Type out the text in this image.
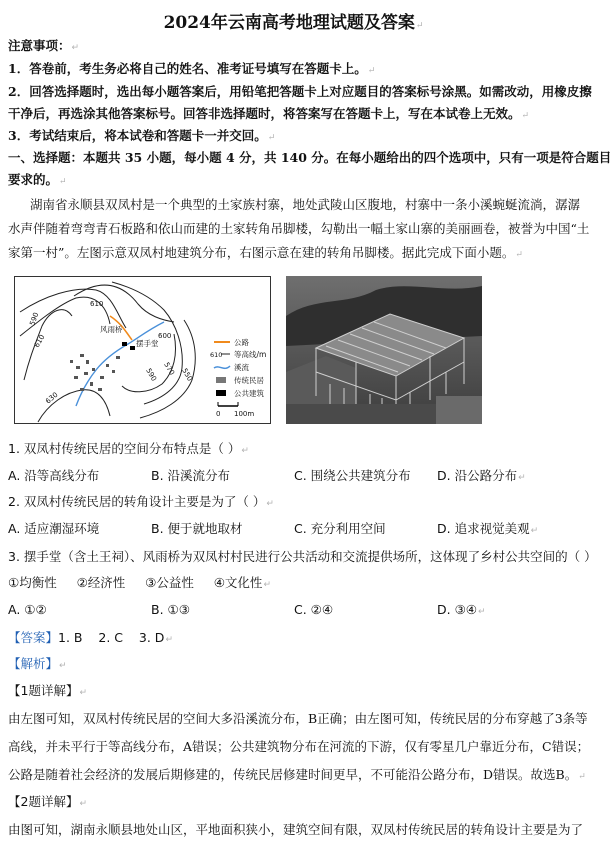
2024年云南高考地理试题及答案↵
注意事项：↵
1．答卷前，考生务必将自己的姓名、准考证号填写在答题卡上。↵
2．回答选择题时，选出每小题答案后，用铅笔把答题卡上对应题目的答案标号涂黑。如需改动，用橡皮擦
干净后，再选涂其他答案标号。回答非选择题时，将答案写在答题卡上，写在本试卷上无效。↵
3．考试结束后，将本试卷和答题卡一并交回。↵
一、选择题：本题共 35 小题，每小题 4 分，共 140 分。在每小题给出的四个选项中，只有一项是符合题目
要求的。↵
湖南省永顺县双凤村是一个典型的土家族村寨，地处武陵山区腹地，村寨中一条小溪蜿蜒流淌，潺潺
水声伴随着弯弯青石板路和依山而建的土家转角吊脚楼，勾勒出一幅土家山寨的美丽画卷，被誉为中国“土
家第一村”。左图示意双凤村地建筑分布，右图示意在建的转角吊脚楼。据此完成下面小题。↵
610
590
610	600
570 550
590
630
风雨桥
摆手堂	公路
610 等高线/m
溪流
传统民居
公共建筑
0 100m
1. 双凤村传统民居的空间分布特点是（ ）↵
A. 沿等高线分布	B. 沿溪流分布	C. 围绕公共建筑分布 D. 沿公路分布↵
2. 双凤村传统民居的转角设计主要是为了（ ）↵
A. 适应潮湿环境	B. 便于就地取材	C. 充分利用空间	D. 追求视觉美观↵
3. 摆手堂（含土王祠）、风雨桥为双凤村村民进行公共活动和交流提供场所，这体现了乡村公共空间的（ ）
①均衡性     ②经济性     ③公益性     ④文化性↵
A. ①②	B. ①③	C. ②④	D. ③④↵
【答案】1. B    2. C    3. D↵
【解析】↵
【1题详解】↵
由左图可知，双凤村传统民居的空间大多沿溪流分布，B正确；由左图可知，传统民居的分布穿越了3条等
高线，并未平行于等高线分布，A错误；公共建筑物分布在河流的下游，仅有零星几户靠近分布，C错误；
公路是随着社会经济的发展后期修建的，传统民居修建时间更早，不可能沿公路分布，D错误。故选B。↵
【2题详解】↵
由图可知，湖南永顺县地处山区，平地面积狭小，建筑空间有限，双凤村传统民居的转角设计主要是为了
